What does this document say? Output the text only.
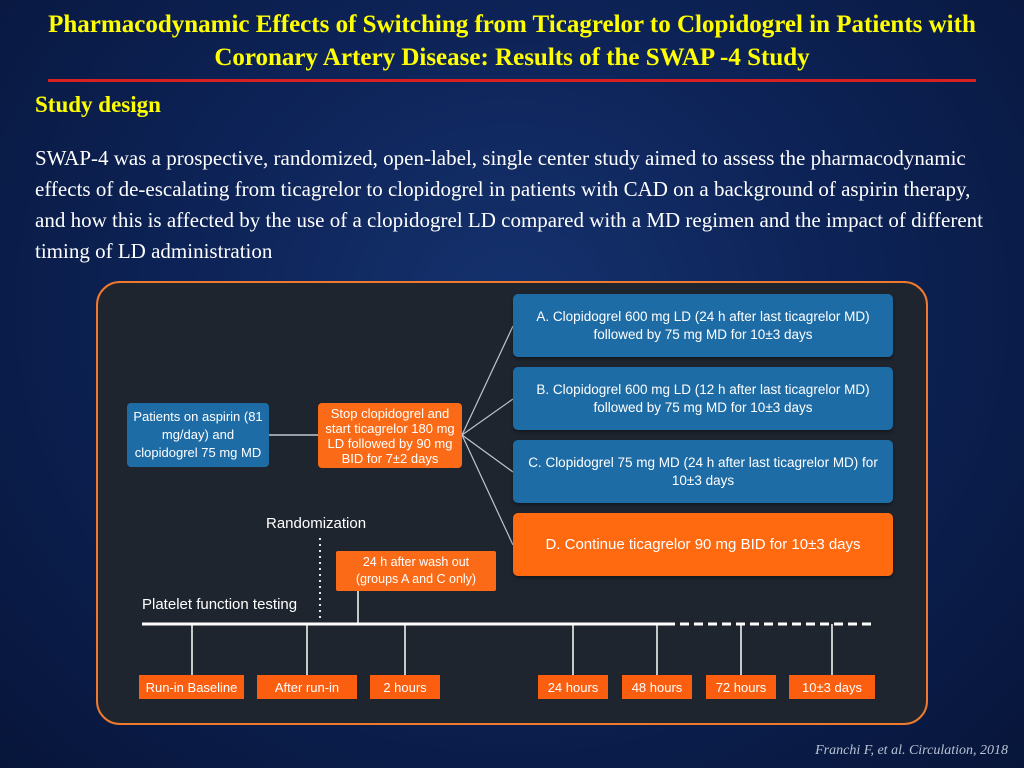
Pharmacodynamic Effects of Switching from Ticagrelor to Clopidogrel in Patients with Coronary Artery Disease: Results of the SWAP -4 Study
Study design
SWAP-4 was a prospective, randomized, open-label, single center study aimed to assess the pharmacodynamic effects of de-escalating from ticagrelor to clopidogrel in patients with CAD on a background of aspirin therapy, and how this is affected by the use of a clopidogrel LD compared with a MD regimen and the impact of different timing of LD administration
Patients on aspirin (81 mg/day) and clopidogrel 75 mg MD
Stop clopidogrel and start ticagrelor 180 mg LD followed by 90 mg BID for 7±2 days
A. Clopidogrel 600 mg LD (24 h after last ticagrelor MD) followed by 75 mg MD for 10±3 days
B. Clopidogrel 600 mg LD (12 h after last ticagrelor MD) followed by 75 mg MD for 10±3 days
C. Clopidogrel 75 mg MD (24 h after last ticagrelor MD) for 10±3 days
D. Continue ticagrelor 90 mg BID for 10±3 days
Randomization
24 h after wash out (groups A and C only)
Platelet function testing
Run-in Baseline	After run-in	2 hours	24 hours	48 hours	72 hours	10±3 days
Franchi F, et al. Circulation, 2018
